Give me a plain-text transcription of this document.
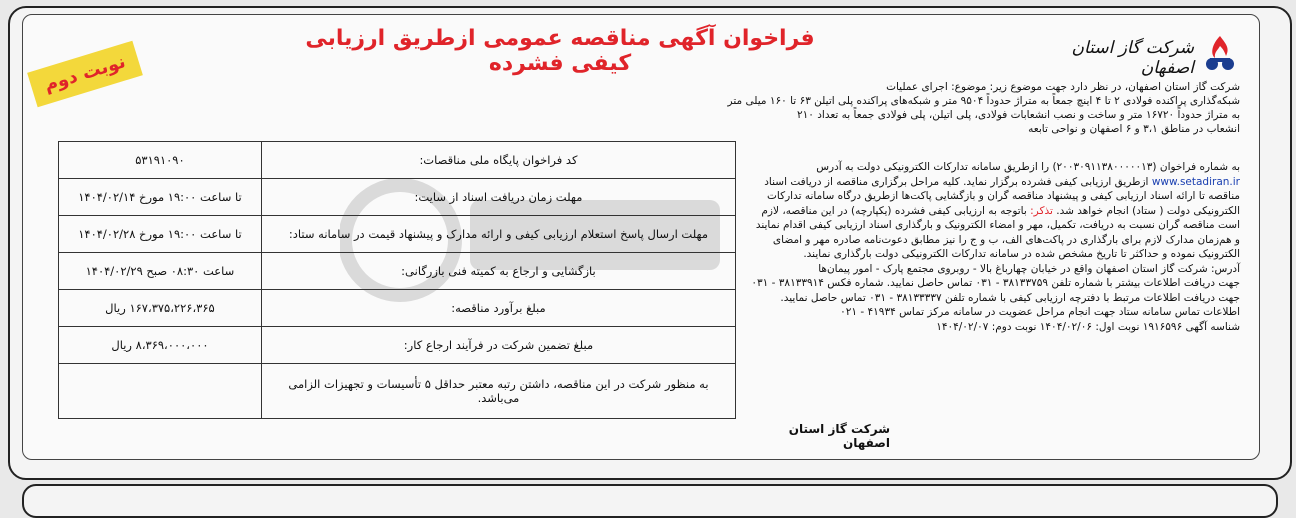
فراخوان آگهی مناقصه عمومی ازطریق ارزیابی کیفی فشرده
نوبت دوم
شرکت گاز استان اصفهان

شرکت گاز استان اصفهان، در نظر دارد جهت موضوع زیر: موضوع: اجرای عملیات

شبکه‌گذاری پراکنده فولادی ۲ تا ۴ اینچ جمعاً به متراژ حدوداً ۹۵۰۴ متر و شبکه‌های پراکنده پلی اتیلن ۶۳ تا ۱۶۰ میلی متر

به متراژ حدوداً ۱۶۷۲۰ متر و ساخت و نصب انشعابات فولادی، پلی اتیلن، پلی فولادی جمعاً به تعداد ۲۱۰

انشعاب در مناطق ۳،۱ و ۶ اصفهان و نواحی تابعه

به شماره فراخوان (۲۰۰۳۰۹۱۱۳۸۰۰۰۰۰۱۳) را ازطریق سامانه تدارکات الکترونیکی دولت به آدرس www.setadiran.ir ازطریق ارزیابی کیفی فشرده برگزار نماید. کلیه مراحل برگزاری مناقصه از دریافت اسناد مناقصه تا ارائه اسناد ارزیابی کیفی و پیشنهاد مناقصه گران و بازگشایی پاکت‌ها ازطریق درگاه سامانه تدارکات الکترونیکی دولت ( ستاد) انجام خواهد شد. تذکر: باتوجه به ارزیابی کیفی فشرده (یکپارچه) در این مناقصه، لازم است مناقصه گران نسبت به دریافت، تکمیل، مهر و امضاء الکترونیک و بارگذاری اسناد ارزیابی کیفی اقدام نمایند و هم‌زمان مدارک لازم برای بارگذاری در پاکت‌های الف، ب و ج را نیز مطابق دعوت‌نامه صادره مهر و امضای الکترونیک نموده و حداکثر تا تاریخ مشخص شده در سامانه تدارکات الکترونیکی دولت بارگذاری نمایند.

آدرس: شرکت گاز استان اصفهان واقع در خیابان چهارباغ بالا - روبروی مجتمع پارک - امور پیمان‌ها

جهت دریافت اطلاعات بیشتر با شماره تلفن ۳۸۱۳۳۷۵۹ - ۰۳۱ تماس حاصل نمایید. شماره فکس ۳۸۱۳۳۹۱۴ - ۰۳۱

جهت دریافت اطلاعات مرتبط با دفترچه ارزیابی کیفی با شماره تلفن ۳۸۱۳۳۳۳۷ - ۰۳۱ تماس حاصل نمایید.

اطلاعات تماس سامانه ستاد جهت انجام مراحل عضویت در سامانه مرکز تماس ۴۱۹۳۴ - ۰۲۱

شناسه آگهی ۱۹۱۶۵۹۶ نوبت اول: ۱۴۰۴/۰۲/۰۶ نوبت دوم: ۱۴۰۴/۰۲/۰۷

شرکت گاز استان اصفهان
کد فراخوان پایگاه ملی مناقصات:	۵۳۱۹۱۰۹۰
مهلت زمان دریافت اسناد از سایت:	تا ساعت ۱۹:۰۰ مورخ ۱۴۰۴/۰۲/۱۴
مهلت ارسال پاسخ استعلام ارزیابی کیفی و ارائه مدارک و پیشنهاد قیمت در سامانه ستاد:	تا ساعت ۱۹:۰۰ مورخ ۱۴۰۴/۰۲/۲۸
بازگشایی و ارجاع به کمیته فنی بازرگانی:	ساعت ۰۸:۳۰ صبح ۱۴۰۴/۰۲/۲۹
مبلغ برآورد مناقصه:	۱۶۷،۳۷۵،۲۲۶،۳۶۵ ریال
مبلغ تضمین شرکت در فرآیند ارجاع کار:	۸،۳۶۹،۰۰۰،۰۰۰ ریال
به منظور شرکت در این مناقصه، داشتن رتبه معتبر حداقل ۵ تأسیسات و تجهیزات الزامی می‌باشد.	
